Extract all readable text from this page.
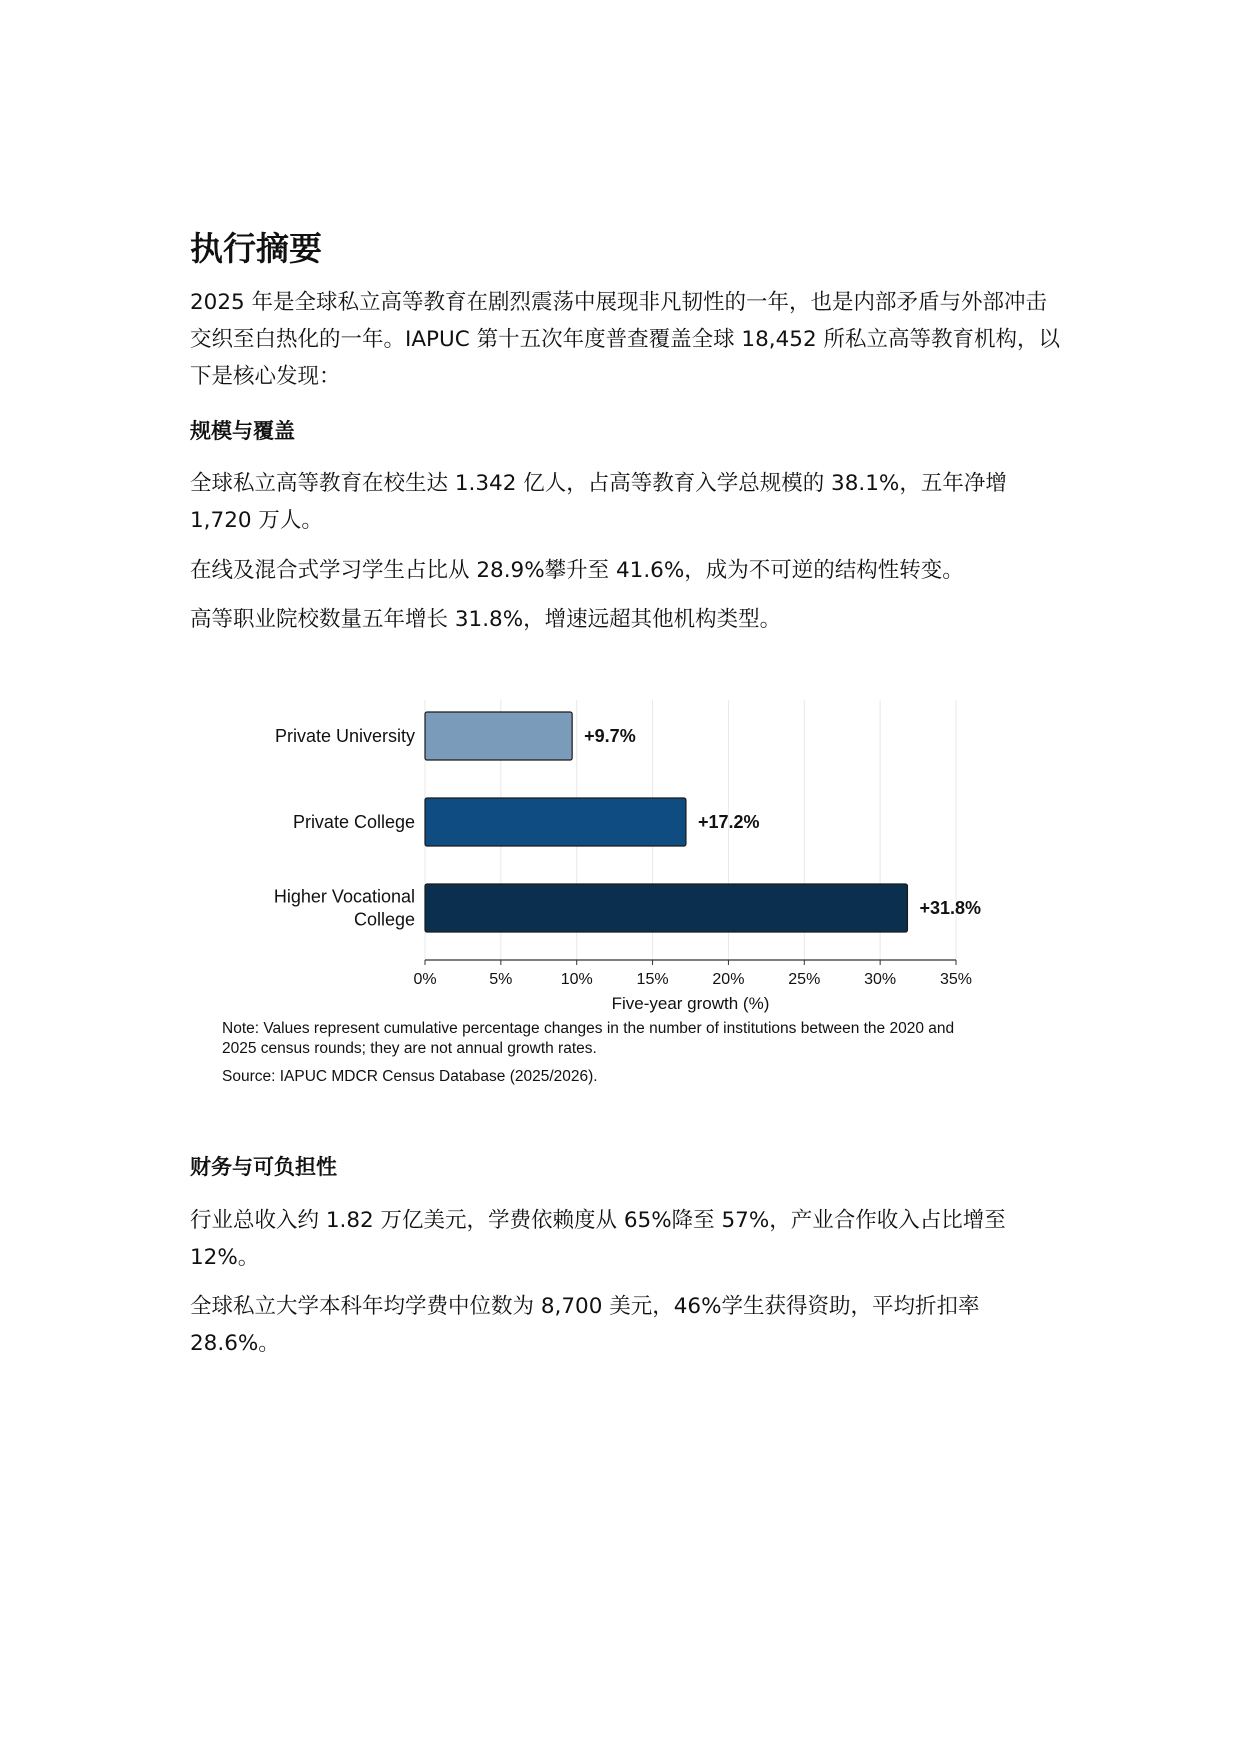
执行摘要
2025 年是全球私立高等教育在剧烈震荡中展现非凡韧性的一年，也是内部矛盾与外部冲击交织至白热化的一年。IAPUC 第十五次年度普查覆盖全球 18,452 所私立高等教育机构，以下是核心发现：
规模与覆盖
全球私立高等教育在校生达 1.342 亿人，占高等教育入学总规模的 38.1%，五年净增 1,720 万人。
在线及混合式学习学生占比从 28.9%攀升至 41.6%，成为不可逆的结构性转变。
高等职业院校数量五年增长 31.8%，增速远超其他机构类型。
财务与可负担性
行业总收入约 1.82 万亿美元，学费依赖度从 65%降至 57%，产业合作收入占比增至 12%。
全球私立大学本科年均学费中位数为 8,700 美元，46%学生获得资助，平均折扣率 28.6%。
0%	5%	10%	15%	20%	25%	30%	35%
Five-year growth (%)
Private University	+9.7%
Private College	+17.2%
Higher Vocational
College
+31.8%
Note: Values represent cumulative percentage changes in the number of institutions between the 2020 and 2025 census rounds; they are not annual growth rates.
Source: IAPUC MDCR Census Database (2025/2026).
